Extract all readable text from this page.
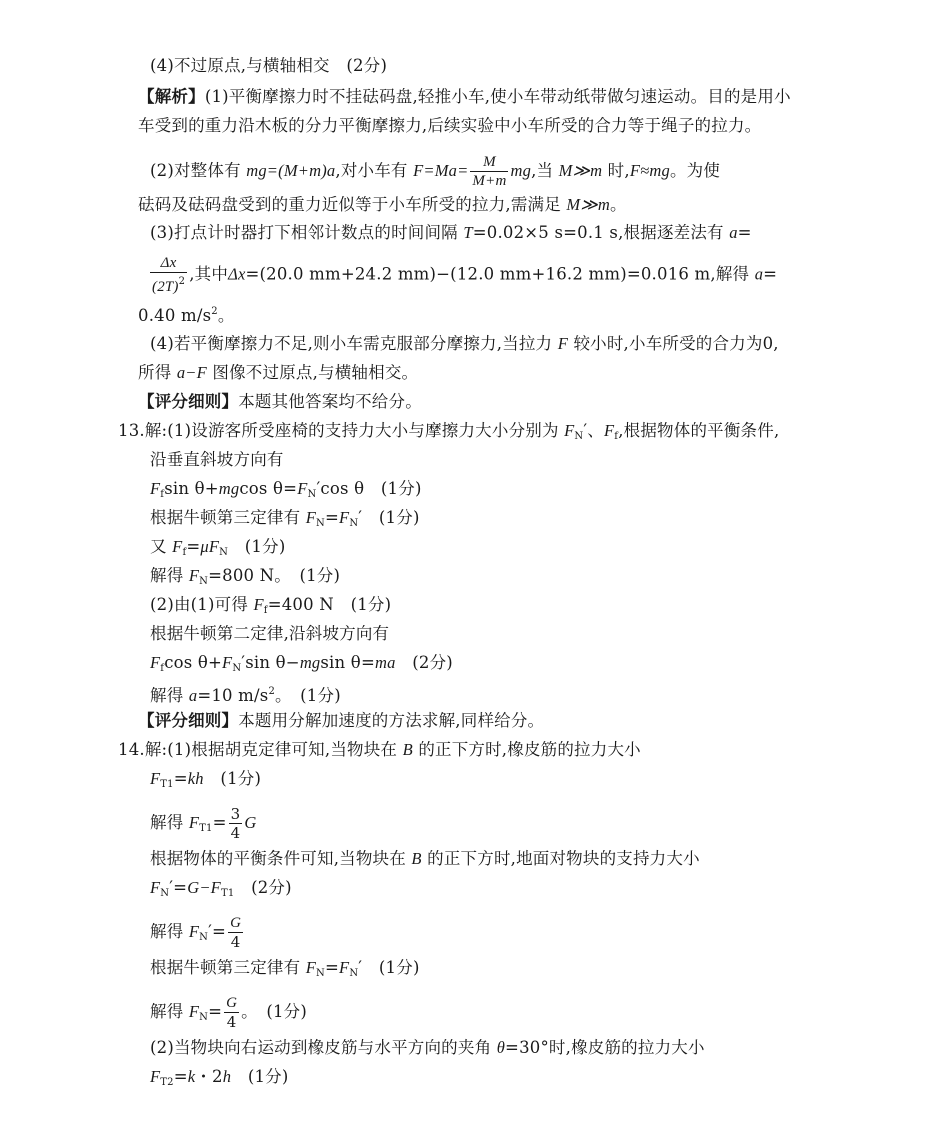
(4)不过原点,与横轴相交　(2分)
【解析】(1)平衡摩擦力时不挂砝码盘,轻推小车,使小车带动纸带做匀速运动。目的是用小
车受到的重力沿木板的分力平衡摩擦力,后续实验中小车所受的合力等于绳子的拉力。
(2)对整体有 mg=(M+m)a,对小车有 $F=Ma= \frac{M}{M+m}$ mg,当 M≫m 时,F≈mg。为使
砝码及砝码盘受到的重力近似等于小车所受的拉力,需满足 M≫m。
(3)打点计时器打下相邻计数点的时间间隔 T=0.02×5 s=0.1 s,根据逐差法有 a=
$\frac{\Delta x}{(2T)^2}$ ,其中Δx=(20.0 mm+24.2 mm)−(12.0 mm+16.2 mm)=0.016 m,解得 a=
0.40 $m/s^2$。
(4)若平衡摩擦力不足,则小车需克服部分摩擦力,当拉力 F 较小时,小车所受的合力为0,
所得 a−F 图像不过原点,与横轴相交。
【评分细则】本题其他答案均不给分。
13.解:(1)设游客所受座椅的支持力大小与摩擦力大小分别为 $F_N'$、$F_f$,根据物体的平衡条件,
沿垂直斜坡方向有
$F_f\sin$ θ+mgcos $\theta=F_N'\cos$ θ　(1分)
根据牛顿第三定律有 $F_N=F_N'$　(1分)
又 $F_f=\mu F_N$　(1分)
解得 $F_N=800$ N。　(1分)
(2)由(1)可得 $F_f=400$ N　(1分)
根据牛顿第二定律,沿斜坡方向有
$F_f\cos$ $\theta+F_N'\sin$ θ−mgsin θ=ma　(2分)
解得 a=10 $m/s^2$。　(1分)
【评分细则】本题用分解加速度的方法求解,同样给分。
14.解:(1)根据胡克定律可知,当物块在 B 的正下方时,橡皮筋的拉力大小
$F_{T1}=kh$　(1分)
解得 $F_{T1}= \frac{3}{4}$ G
根据物体的平衡条件可知,当物块在 B 的正下方时,地面对物块的支持力大小
$F_N'=G-F_{T1}$　(2分)
解得 $F_N'= \frac{G}{4}$
根据牛顿第三定律有 $F_N=F_N'$　(1分)
解得 $F_N= \frac{G}{4}$ 。　(1分)
(2)当物块向右运动到橡皮筋与水平方向的夹角 θ=30°时,橡皮筋的拉力大小
$F_{T2}=k$・2h　(1分)
